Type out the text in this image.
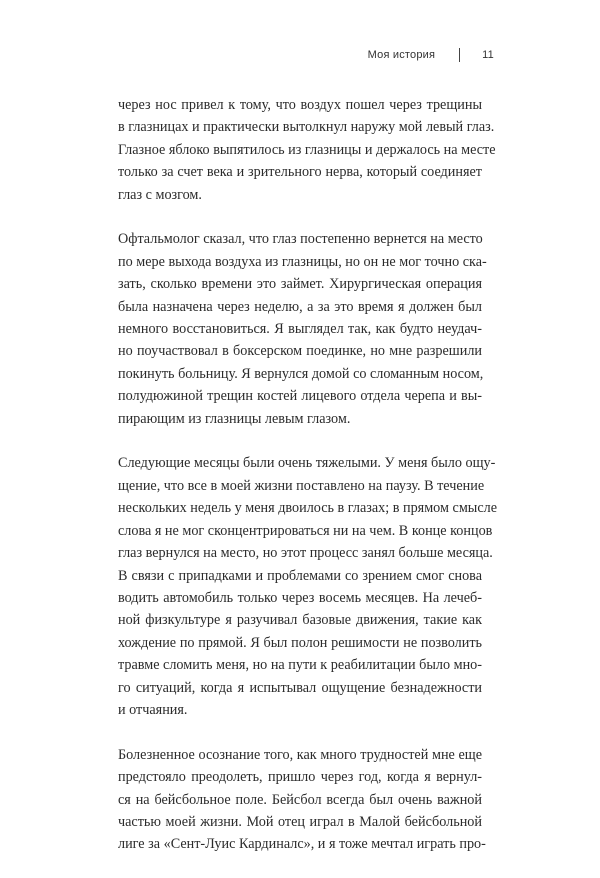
Моя история	11

через нос привел к тому, что воздух пошел через трещины
в глазницах и практически вытолкнул наружу мой левый глаз.
Глазное яблоко выпятилось из глазницы и держалось на месте
только за счет века и зрительного нерва, который соединяет
глаз с мозгом.

Офтальмолог сказал, что глаз постепенно вернется на место
по мере выхода воздуха из глазницы, но он не мог точно ска-
зать, сколько времени это займет. Хирургическая операция
была назначена через неделю, а за это время я должен был
немного восстановиться. Я выглядел так, как будто неудач-
но поучаствовал в боксерском поединке, но мне разрешили
покинуть больницу. Я вернулся домой со сломанным носом,
полудюжиной трещин костей лицевого отдела черепа и вы-
пирающим из глазницы левым глазом.

Следующие месяцы были очень тяжелыми. У меня было ощу-
щение, что все в моей жизни поставлено на паузу. В течение
нескольких недель у меня двоилось в глазах; в прямом смысле
слова я не мог сконцентрироваться ни на чем. В конце концов
глаз вернулся на место, но этот процесс занял больше месяца.
В связи с припадками и проблемами со зрением смог снова
водить автомобиль только через восемь месяцев. На лечеб-
ной физкультуре я разучивал базовые движения, такие как
хождение по прямой. Я был полон решимости не позволить
травме сломить меня, но на пути к реабилитации было мно-
го ситуаций, когда я испытывал ощущение безнадежности
и отчаяния.

Болезненное осознание того, как много трудностей мне еще
предстояло преодолеть, пришло через год, когда я вернул-
ся на бейсбольное поле. Бейсбол всегда был очень важной
частью моей жизни. Мой отец играл в Малой бейсбольной
лиге за «Сент-Луис Кардиналс», и я тоже мечтал играть про-
